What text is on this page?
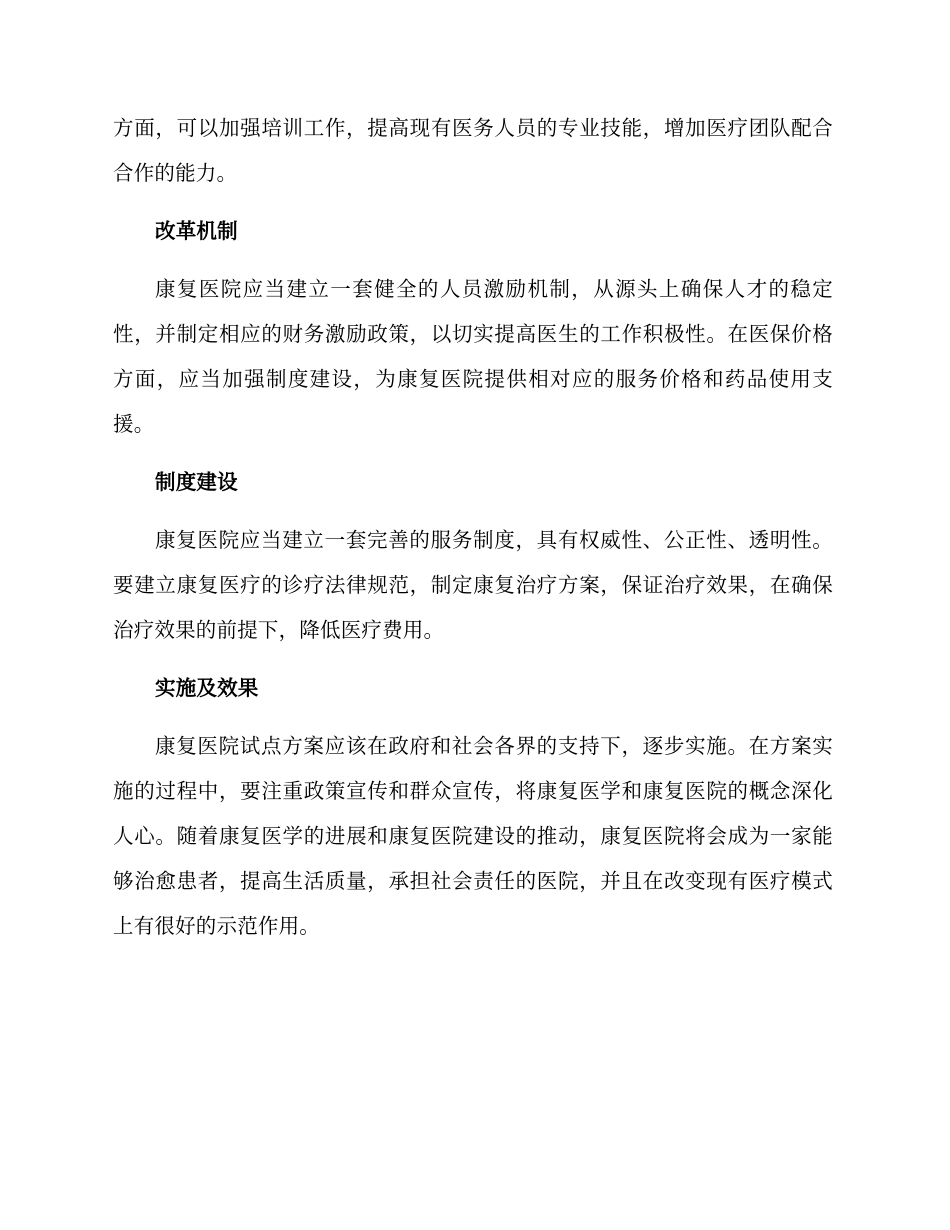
方面，可以加强培训工作，提高现有医务人员的专业技能，增加医疗团队配合合作的能力。

改革机制

康复医院应当建立一套健全的人员激励机制，从源头上确保人才的稳定性，并制定相应的财务激励政策，以切实提高医生的工作积极性。在医保价格方面，应当加强制度建设，为康复医院提供相对应的服务价格和药品使用支援。

制度建设

康复医院应当建立一套完善的服务制度，具有权威性、公正性、透明性。要建立康复医疗的诊疗法律规范，制定康复治疗方案，保证治疗效果，在确保治疗效果的前提下，降低医疗费用。

实施及效果

康复医院试点方案应该在政府和社会各界的支持下，逐步实施。在方案实施的过程中，要注重政策宣传和群众宣传，将康复医学和康复医院的概念深化人心。随着康复医学的进展和康复医院建设的推动，康复医院将会成为一家能够治愈患者，提高生活质量，承担社会责任的医院，并且在改变现有医疗模式上有很好的示范作用。
